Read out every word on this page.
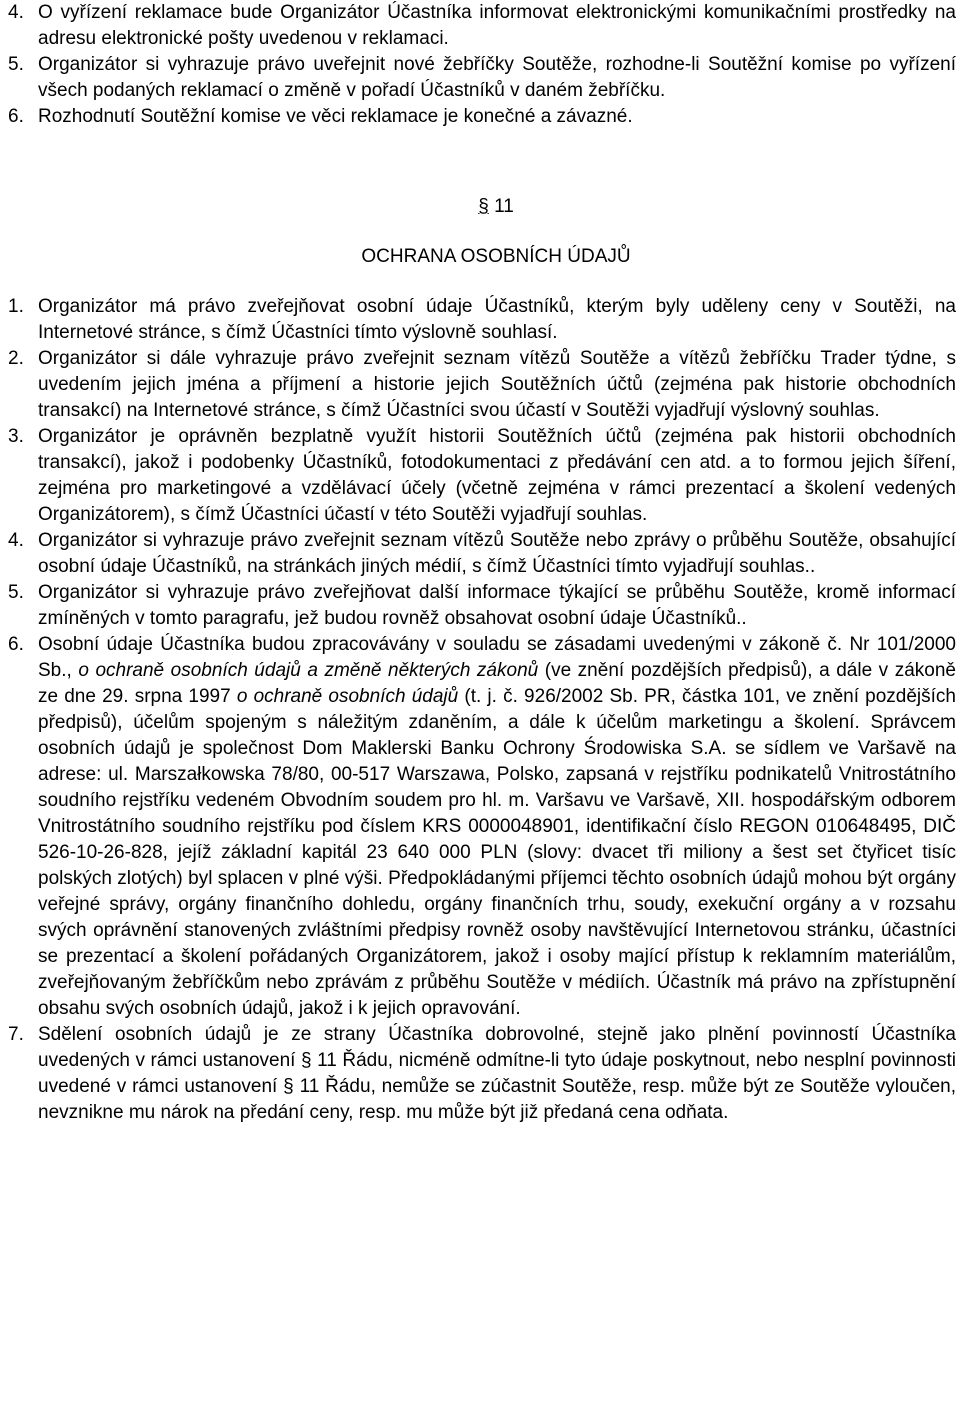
4. O vyřízení reklamace bude Organizátor Účastníka informovat elektronickými komunikačními prostředky na adresu elektronické pošty uvedenou v reklamaci.
5. Organizátor si vyhrazuje právo uveřejnit nové žebříčky Soutěže, rozhodne-li Soutěžní komise po vyřízení všech podaných reklamací o změně v pořadí Účastníků v daném žebříčku.
6. Rozhodnutí Soutěžní komise ve věci reklamace je konečné a závazné.
§ 11
OCHRANA OSOBNÍCH ÚDAJŮ
1. Organizátor má právo zveřejňovat osobní údaje Účastníků, kterým byly uděleny ceny v Soutěži, na Internetové stránce, s čímž Účastníci tímto výslovně souhlasí.
2. Organizátor si dále vyhrazuje právo zveřejnit seznam vítězů Soutěže a vítězů žebříčku Trader týdne, s uvedením jejich jména a příjmení a historie jejich Soutěžních účtů (zejména pak historie obchodních transakcí) na Internetové stránce, s čímž Účastníci svou účastí v Soutěži vyjadřují výslovný souhlas.
3. Organizátor je oprávněn bezplatně využít historii Soutěžních účtů (zejména pak historii obchodních transakcí), jakož i podobenky Účastníků, fotodokumentaci z předávání cen atd. a to formou jejich šíření, zejména pro marketingové a vzdělávací účely (včetně zejména v rámci prezentací a školení vedených Organizátorem), s čímž Účastníci účastí v této Soutěži vyjadřují souhlas.
4. Organizátor si vyhrazuje právo zveřejnit seznam vítězů Soutěže nebo zprávy o průběhu Soutěže, obsahující osobní údaje Účastníků, na stránkách jiných médií, s čímž Účastníci tímto vyjadřují souhlas..
5. Organizátor si vyhrazuje právo zveřejňovat další informace týkající se průběhu Soutěže, kromě informací zmíněných v tomto paragrafu, jež budou rovněž obsahovat osobní údaje Účastníků..
6. Osobní údaje Účastníka budou zpracovávány v souladu se zásadami uvedenými v zákoně č. Nr 101/2000 Sb., o ochraně osobních údajů a změně některých zákonů (ve znění pozdějších předpisů), a dále v zákoně ze dne 29. srpna 1997 o ochraně osobních údajů (t. j. č. 926/2002 Sb. PR, částka 101, ve znění pozdějších předpisů), účelům spojeným s náležitým zdaněním, a dále k účelům marketingu a školení. Správcem osobních údajů je společnost Dom Maklerski Banku Ochrony Środowiska S.A. se sídlem ve Varšavě na adrese: ul. Marszałkowska 78/80, 00-517 Warszawa, Polsko, zapsaná v rejstříku podnikatelů Vnitrostátního soudního rejstříku vedeném Obvodním soudem pro hl. m. Varšavu ve Varšavě, XII. hospodářským odborem Vnitrostátního soudního rejstříku pod číslem KRS 0000048901, identifikační číslo REGON 010648495, DIČ 526-10-26-828, jejíž základní kapitál 23 640 000 PLN (slovy: dvacet tři miliony a šest set čtyřicet tisíc polských zlotých) byl splacen v plné výši. Předpokládanými příjemci těchto osobních údajů mohou být orgány veřejné správy, orgány finančního dohledu, orgány finančních trhu, soudy, exekuční orgány a v rozsahu svých oprávnění stanovených zvláštními předpisy rovněž osoby navštěvující Internetovou stránku, účastníci se prezentací a školení pořádaných Organizátorem, jakož i osoby mající přístup k reklamním materiálům, zveřejňovaným žebříčkům nebo zprávám z průběhu Soutěže v médiích. Účastník má právo na zpřístupnění obsahu svých osobních údajů, jakož i k jejich opravování.
7. Sdělení osobních údajů je ze strany Účastníka dobrovolné, stejně jako plnění povinností Účastníka uvedených v rámci ustanovení § 11 Řádu, nicméně odmítne-li tyto údaje poskytnout, nebo nesplní povinnosti uvedené v rámci ustanovení § 11 Řádu, nemůže se zúčastnit Soutěže, resp. může být ze Soutěže vyloučen, nevznikne mu nárok na předání ceny, resp. mu může být již předaná cena odňata.
